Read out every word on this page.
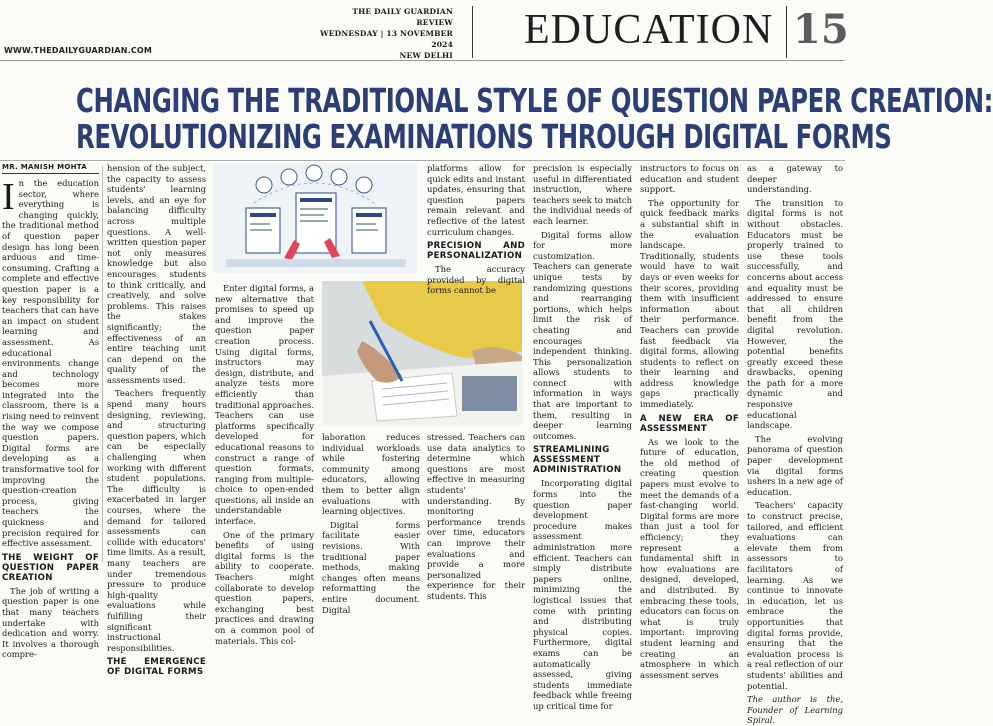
WWW.THEDAILYGUARDIAN.COM
THE DAILY GUARDIAN REVIEW
WEDNESDAY | 13 NOVEMBER 2024
NEW DELHI
EDUCATION 15
CHANGING THE TRADITIONAL STYLE OF QUESTION PAPER CREATION:
REVOLUTIONIZING EXAMINATIONS THROUGH DIGITAL FORMS
MR. MANISH MOHTA
I n the education sector, where everything is changing quickly, the traditional method of question paper design has long been arduous and time-consuming. Crafting a complete and effective question paper is a key responsibility for teachers that can have an impact on student learning and assessment. As educational environments change and technology becomes more integrated into the classroom, there is a rising need to reinvent the way we compose question papers. Digital forms are developing as a transformative tool for improving the question-creation process, giving teachers the quickness and precision required for effective assessment.

THE WEIGHT OF QUESTION PAPER CREATION

The job of writing a question paper is one that many teachers undertake with dedication and worry. It involves a thorough compre-

hension of the subject, the capacity to assess students' learning levels, and an eye for balancing difficulty across multiple questions. A well-written question paper not only measures knowledge but also encourages students to think critically, and creatively, and solve problems. This raises the stakes significantly; the effectiveness of an entire teaching unit can depend on the quality of the assessments used.

Teachers frequently spend many hours designing, reviewing, and structuring question papers, which can be especially challenging when working with different student populations. The difficulty is exacerbated in larger courses, where the demand for tailored assessments can collide with educators' time limits. As a result, many teachers are under tremendous pressure to produce high-quality evaluations while fulfilling their significant instructional responsibilities.

THE EMERGENCE OF DIGITAL FORMS

Enter digital forms, a new alternative that promises to speed up and improve the question paper creation process. Using digital forms, instructors may design, distribute, and analyze tests more efficiently than traditional approaches. Teachers can use platforms specifically developed for educational reasons to construct a range of question formats, ranging from multiple-choice to open-ended questions, all inside an understandable interface.

One of the primary benefits of using digital forms is the ability to cooperate. Teachers might collaborate to develop question papers, exchanging best practices and drawing on a common pool of materials. This col-

laboration reduces individual workloads while fostering community among educators, allowing them to better align evaluations with learning objectives.

Digital forms facilitate easier revisions. With traditional paper methods, making changes often means reformatting the entire document. Digital

platforms allow for quick edits and instant updates, ensuring that question papers remain relevant and reflective of the latest curriculum changes.

PRECISION AND PERSONALIZATION

The accuracy provided by digital forms cannot be

stressed. Teachers can use data analytics to determine which questions are most effective in measuring students' understanding. By monitoring performance trends over time, educators can improve their evaluations and provide a more personalized experience for their students. This

precision is especially useful in differentiated instruction, where teachers seek to match the individual needs of each learner.

Digital forms allow for more customization. Teachers can generate unique tests by randomizing questions and rearranging portions, which helps limit the risk of cheating and encourages independent thinking. This personalization allows students to connect with information in ways that are important to them, resulting in deeper learning outcomes.

STREAMLINING ASSESSMENT ADMINISTRATION

Incorporating digital forms into the question paper development procedure makes assessment administration more efficient. Teachers can simply distribute papers online, minimizing the logistical issues that come with printing and distributing physical copies. Furthermore, digital exams can be automatically assessed, giving students immediate feedback while freeing up critical time for

instructors to focus on education and student support.

The opportunity for quick feedback marks a substantial shift in the evaluation landscape. Traditionally, students would have to wait days or even weeks for their scores, providing them with insufficient information about their performance. Teachers can provide fast feedback via digital forms, allowing students to reflect on their learning and address knowledge gaps practically immediately.

A NEW ERA OF ASSESSMENT

As we look to the future of education, the old method of creating question papers must evolve to meet the demands of a fast-changing world. Digital forms are more than just a tool for efficiency; they represent a fundamental shift in how evaluations are designed, developed, and distributed. By embracing these tools, educators can focus on what is truly important: improving student learning and creating an atmosphere in which assessment serves

as a gateway to deeper understanding.

The transition to digital forms is not without obstacles. Educators must be properly trained to use these tools successfully, and concerns about access and equality must be addressed to ensure that all children benefit from the digital revolution. However, the potential benefits greatly exceed these drawbacks, opening the path for a more dynamic and responsive educational landscape.

The evolving panorama of question paper development via digital forms ushers in a new age of education.

Teachers' capacity to construct precise, tailored, and efficient evaluations can elevate them from assessors to facilitators of learning. As we continue to innovate in education, let us embrace the opportunities that digital forms provide, ensuring that the evaluation process is a real reflection of our students' abilities and potential.

The author is the, Founder of Learning Spiral.
